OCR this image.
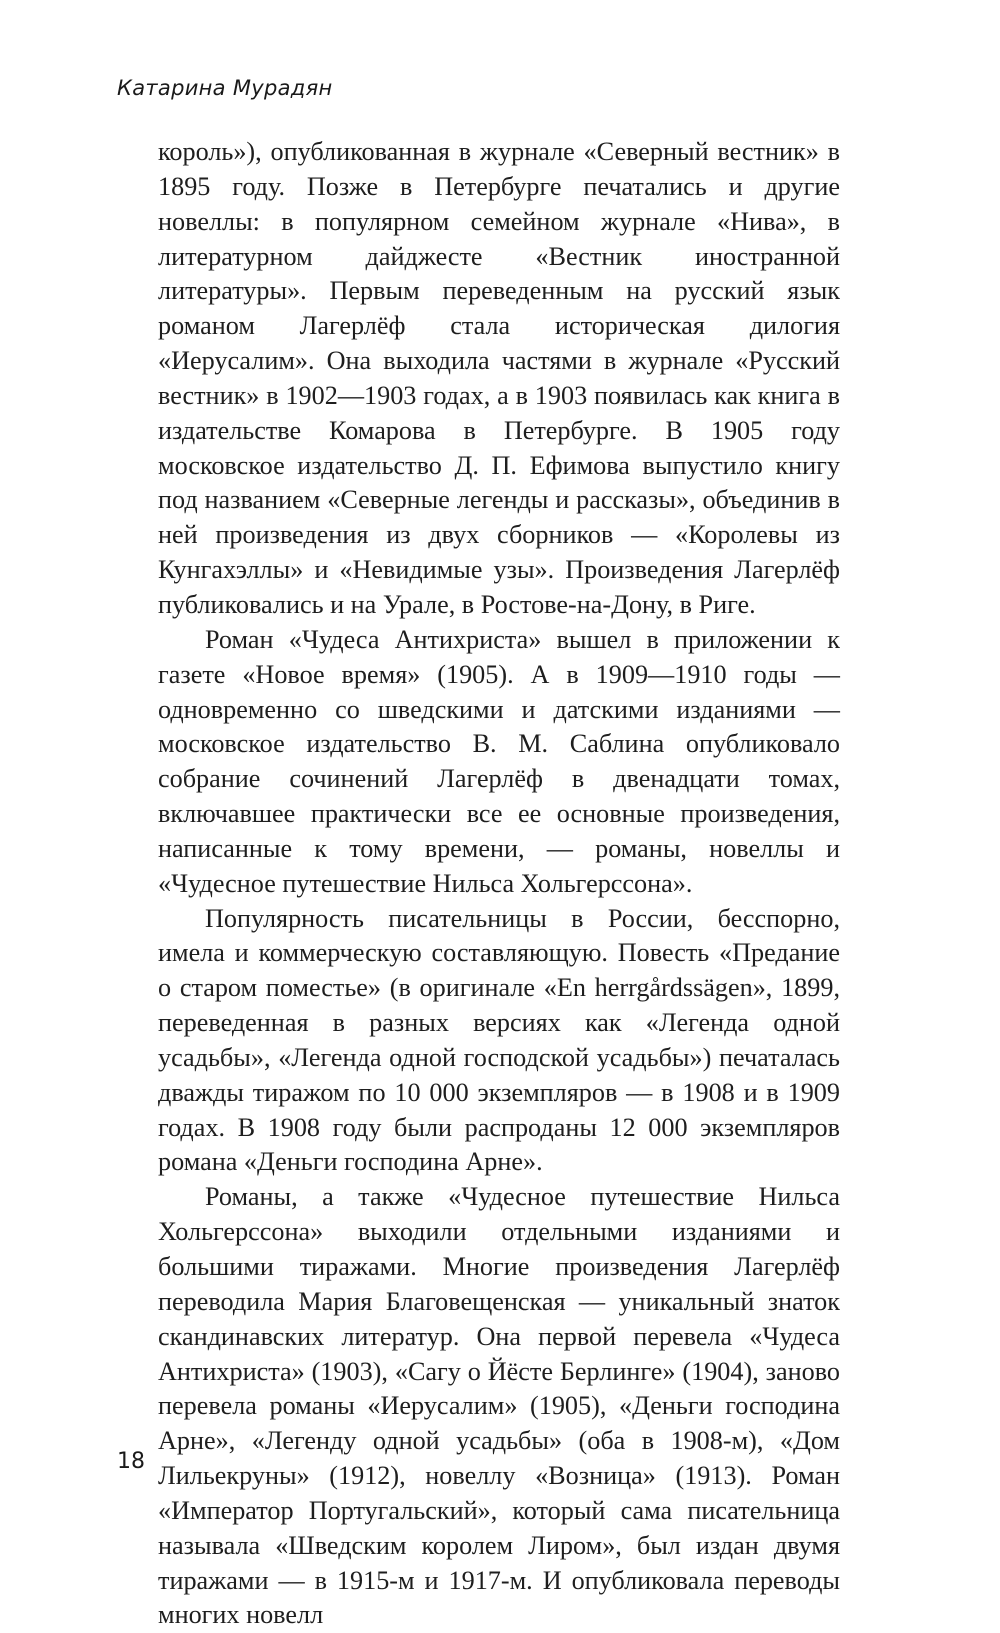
Катарина Мурадян

король»), опубликованная в журнале «Северный вестник» в 1895 году. Позже в Петербурге печатались и другие новеллы: в популярном семейном журнале «Нива», в литературном дайджесте «Вестник иностранной литературы». Первым переведенным на русский язык романом Лагерлёф стала историческая дилогия «Иерусалим». Она выходила частями в журнале «Русский вестник» в 1902—1903 годах, а в 1903 появилась как книга в издательстве Комарова в Петербурге. В 1905 году московское издательство Д. П. Ефимова выпустило книгу под названием «Северные легенды и рассказы», объединив в ней произведения из двух сборников — «Королевы из Кунгахэллы» и «Невидимые узы». Произведения Лагерлёф публиковались и на Урале, в Ростове-на-Дону, в Риге.

Роман «Чудеса Антихриста» вышел в приложении к газете «Новое время» (1905). А в 1909—1910 годы — одновременно со шведскими и датскими изданиями — московское издательство В. М. Саблина опубликовало собрание сочинений Лагерлёф в двенадцати томах, включавшее практически все ее основные произведения, написанные к тому времени, — романы, новеллы и «Чудесное путешествие Нильса Хольгерссона».

Популярность писательницы в России, бесспорно, имела и коммерческую составляющую. Повесть «Предание о старом поместье» (в оригинале «En herrgårdssägen», 1899, переведенная в разных версиях как «Легенда одной усадьбы», «Легенда одной господской усадьбы») печаталась дважды тиражом по 10 000 экземпляров — в 1908 и в 1909 годах. В 1908 году были распроданы 12 000 экземпляров романа «Деньги господина Арне».

Романы, а также «Чудесное путешествие Нильса Хольгерссона» выходили отдельными изданиями и большими тиражами. Многие произведения Лагерлёф переводила Мария Благовещенская — уникальный знаток скандинавских литератур. Она первой перевела «Чудеса Антихриста» (1903), «Сагу о Йёсте Берлинге» (1904), заново перевела романы «Иерусалим» (1905), «Деньги господина Арне», «Легенду одной усадьбы» (оба в 1908-м), «Дом Лильекруны» (1912), новеллу «Возница» (1913). Роман «Император Португальский», который сама писательница называла «Шведским королем Лиром», был издан двумя тиражами — в 1915-м и 1917-м. И опубликовала переводы многих новелл

18
